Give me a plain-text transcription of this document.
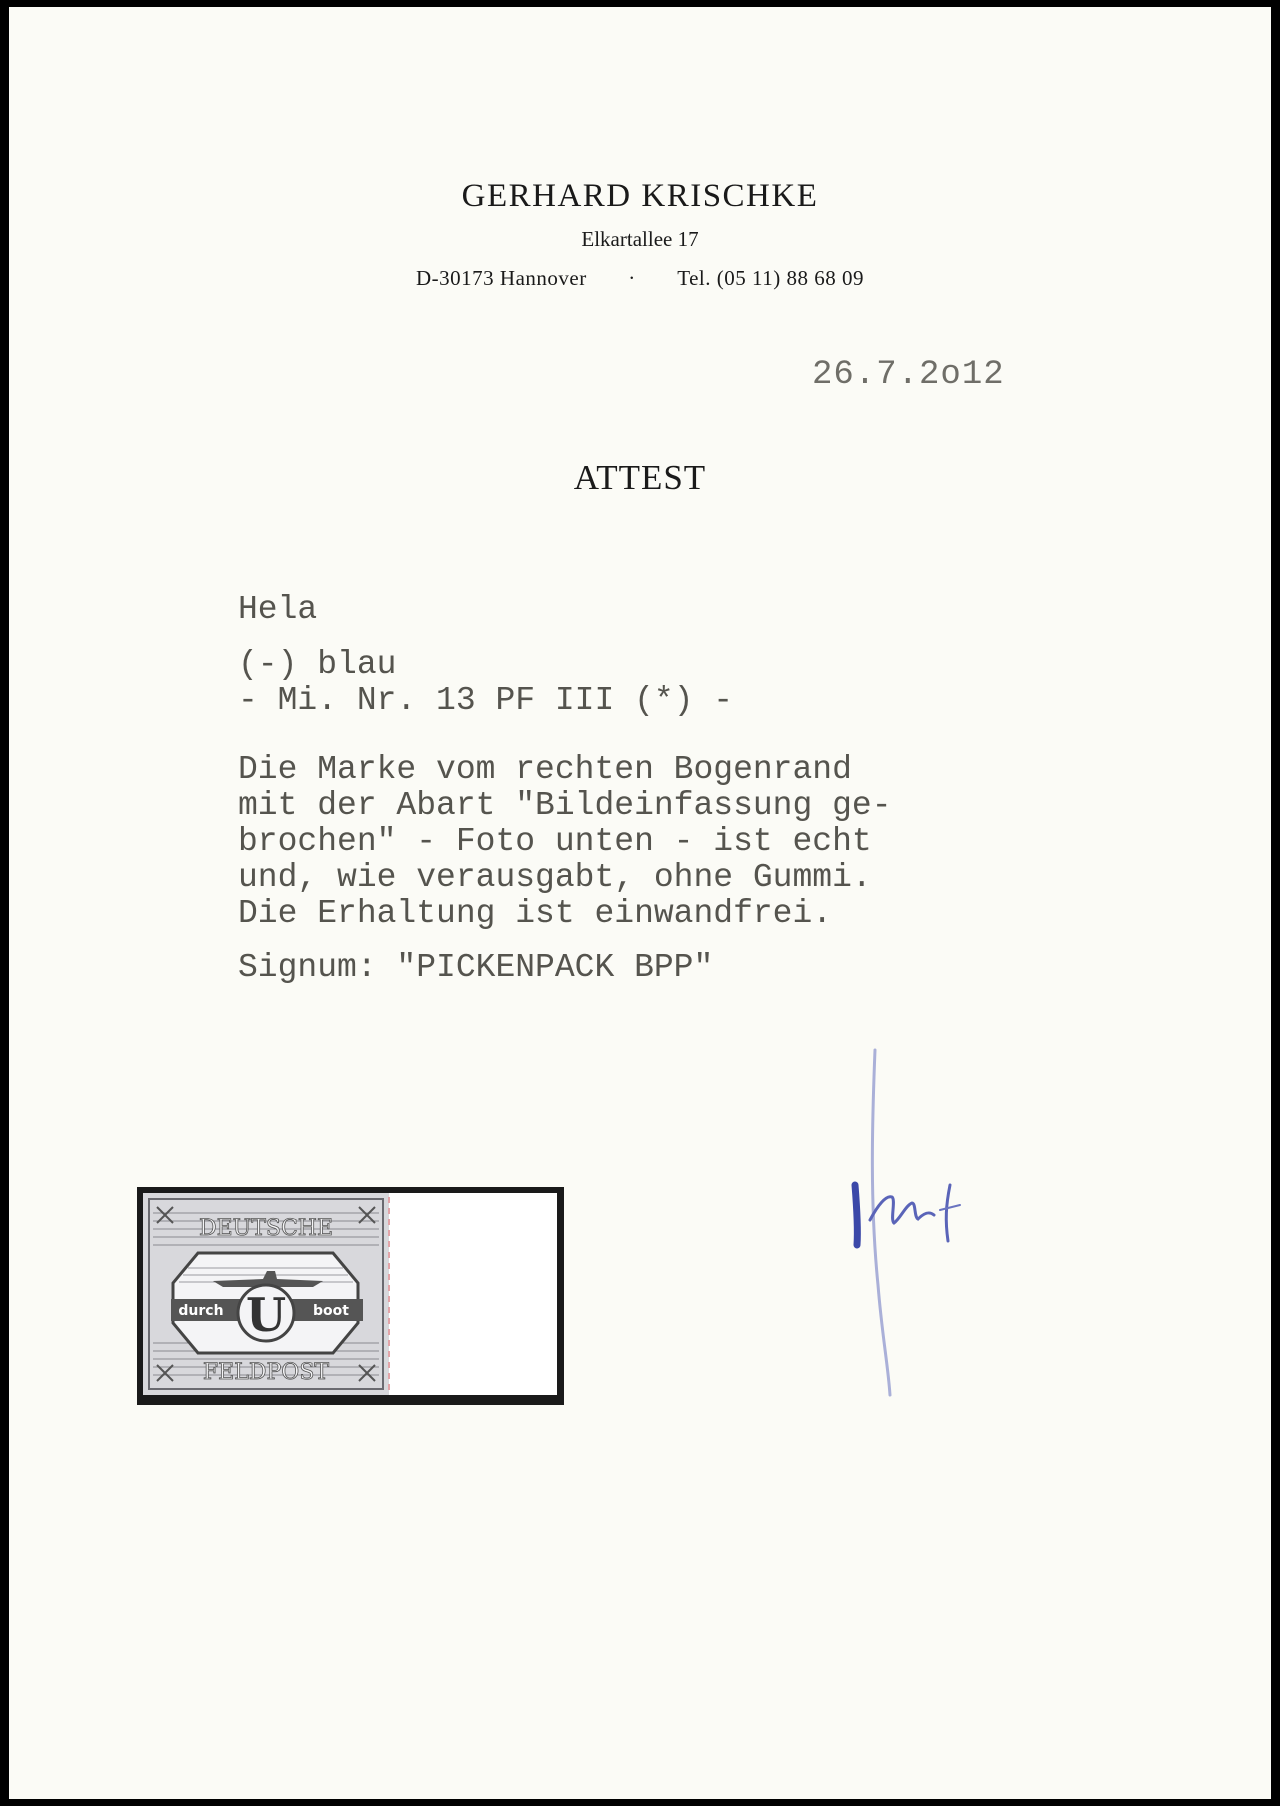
GERHARD KRISCHKE
Elkartallee 17
D-30173 Hannover · Tel. (05 11) 88 68 09
26.7.2o12
ATTEST
Hela
(-) blau
- Mi. Nr. 13 PF III (*) -
Die Marke vom rechten Bogenrand
mit der Abart "Bildeinfassung ge-
brochen" - Foto unten - ist echt
und, wie verausgabt, ohne Gummi.
Die Erhaltung ist einwandfrei.
Signum: "PICKENPACK BPP"
durch	boot
U
DEUTSCHE
FELDPOST
